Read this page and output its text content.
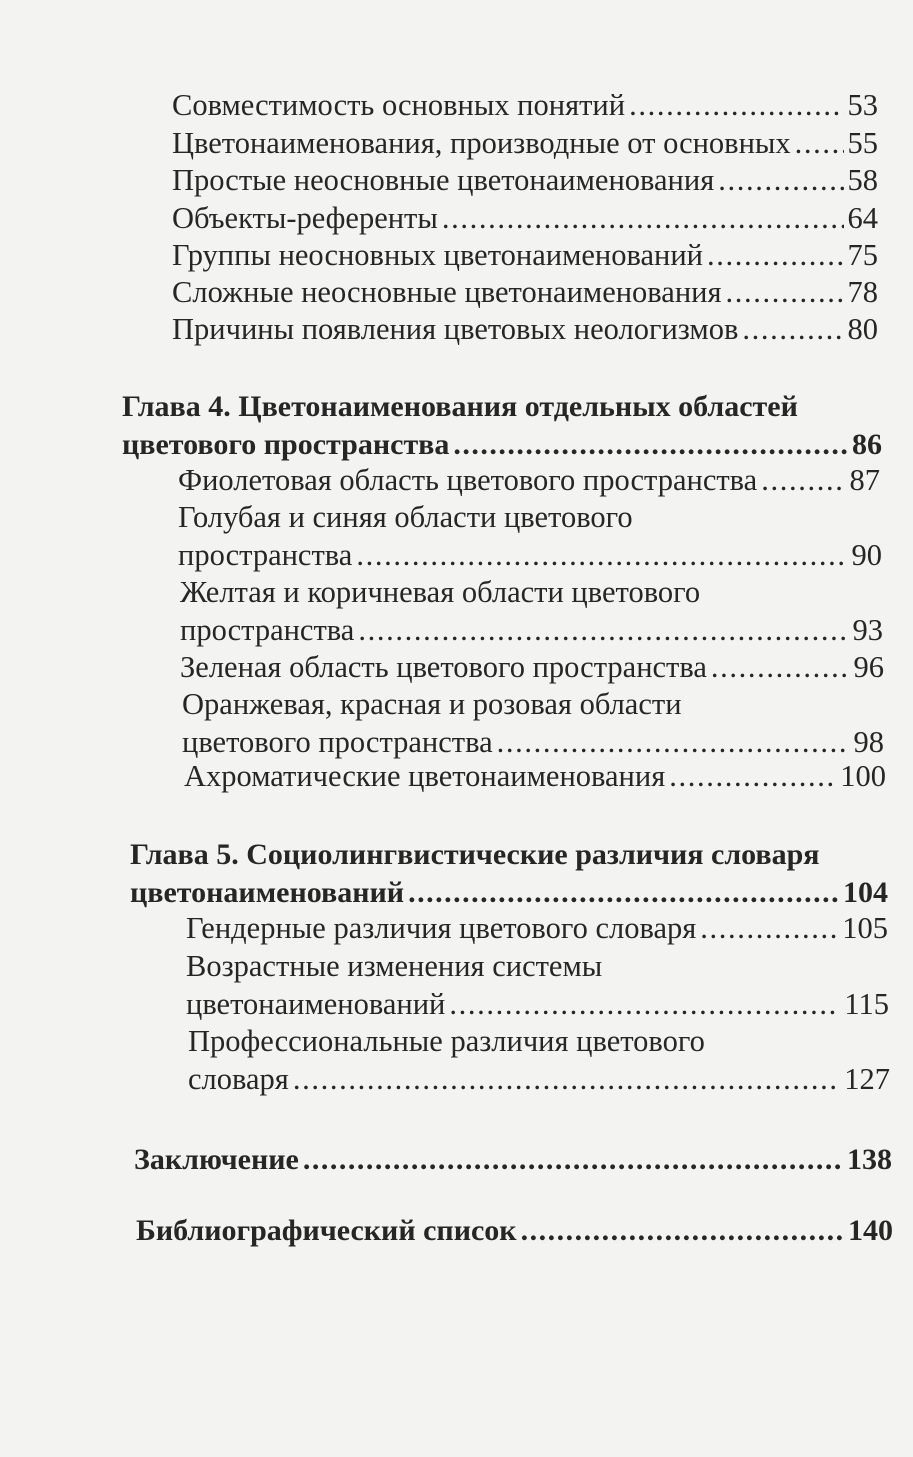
Совместимость основных понятий . . .	53
Цветонаименования, производные от основных . . . 55
Простые неосновные цветонаименования . . .	58
Объекты-референты . . .	64
Группы неосновных цветонаименований . . .	75
Сложные неосновные цветонаименования . . .	78
Причины появления цветовых неологизмов . . .	80
Глава 4. Цветонаименования отдельных областей
цветового пространства . . .	86
Фиолетовая область цветового пространства . . .	87
Голубая и синяя области цветового
пространства . . .	90
Желтая и коричневая области цветового
пространства . . .	93
Зеленая область цветового пространства . . .	96
Оранжевая, красная и розовая области
цветового пространства . . .	98
Ахроматические цветонаименования . . .	100
Глава 5. Социолингвистические различия словаря
цветонаименований . . .	104
Гендерные различия цветового словаря . . .	105
Возрастные изменения системы
цветонаименований . . .	115
Профессиональные различия цветового
словаря . . .	127
Заключение . . .	138
Библиографический список . . .	140
